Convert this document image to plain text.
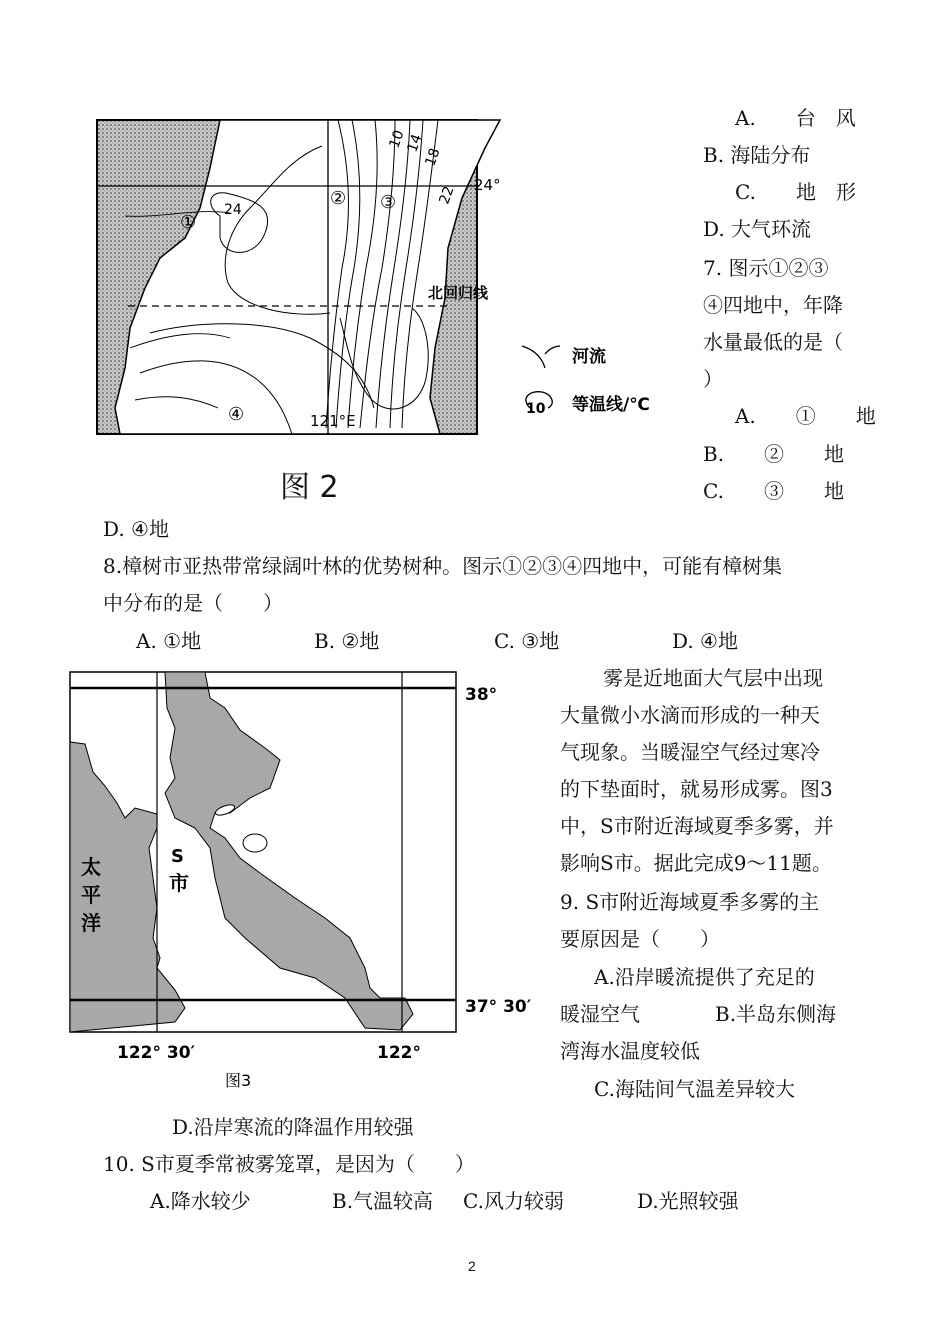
10
14
18
22
24
24°
北回归线
121°E
①
② ③
④
河流
10 等温线/℃
图 2
A.　　台　风
B. 海陆分布
C.　　地　形
D. 大气环流
7. 图示①②③
④四地中，年降
水量最低的是（
）
A.　　①　　地
B.　　②　　地
C.　　③　　地
D. ④地
8.樟树市亚热带常绿阔叶林的优势树种。图示①②③④四地中，可能有樟树集
中分布的是（　　）
A. ①地	B. ②地	C. ③地	D. ④地
38°
37° 30′
122° 30′	122°
太
平
洋
S
市
图3
雾是近地面大气层中出现
大量微小水滴而形成的一种天
气现象。当暖湿空气经过寒冷
的下垫面时，就易形成雾。图3
中，S市附近海域夏季多雾，并
影响S市。据此完成9～11题。
9. S市附近海域夏季多雾的主
要原因是（　　）
A.沿岸暖流提供了充足的
暖湿空气	B.半岛东侧海
湾海水温度较低
C.海陆间气温差异较大
D.沿岸寒流的降温作用较强
10. S市夏季常被雾笼罩，是因为（　　）
A.降水较少	B.气温较高 C.风力较弱	D.光照较强
2
